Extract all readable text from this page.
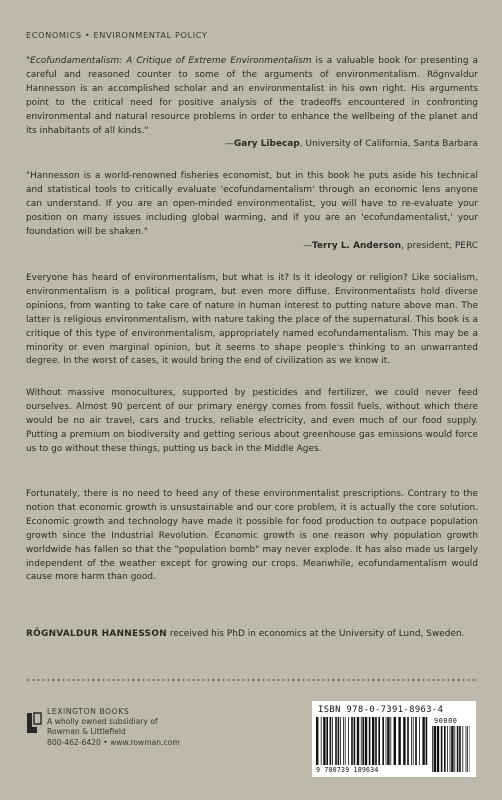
ECONOMICS • ENVIRONMENTAL POLICY
"Ecofundamentalism: A Critique of Extreme Environmentalism is a valuable book for presenting a careful and reasoned counter to some of the arguments of environmentalism. Rögnvaldur Hannesson is an accomplished scholar and an environmentalist in his own right. His arguments point to the critical need for positive analysis of the tradeoffs encountered in confronting environmental and natural resource problems in order to enhance the wellbeing of the planet and its inhabitants of all kinds."
—Gary Libecap, University of California, Santa Barbara
"Hannesson is a world-renowned fisheries economist, but in this book he puts aside his technical and statistical tools to critically evaluate 'ecofundamentalism' through an economic lens anyone can understand. If you are an open-minded environmentalist, you will have to re-evaluate your position on many issues including global warming, and if you are an 'ecofundamentalist,' your foundation will be shaken."
—Terry L. Anderson, president, PERC
Everyone has heard of environmentalism, but what is it? Is it ideology or religion? Like socialism, environmentalism is a political program, but even more diffuse. Environmentalists hold diverse opinions, from wanting to take care of nature in human interest to putting nature above man. The latter is religious environmentalism, with nature taking the place of the supernatural. This book is a critique of this type of environmentalism, appropriately named ecofundamentalism. This may be a minority or even marginal opinion, but it seems to shape people's thinking to an unwarranted degree. In the worst of cases, it would bring the end of civilization as we know it.
Without massive monocultures, supported by pesticides and fertilizer, we could never feed ourselves. Almost 90 percent of our primary energy comes from fossil fuels, without which there would be no air travel, cars and trucks, reliable electricity, and even much of our food supply. Putting a premium on biodiversity and getting serious about greenhouse gas emissions would force us to go without these things, putting us back in the Middle Ages.
Fortunately, there is no need to heed any of these environmentalist prescriptions. Contrary to the notion that economic growth is unsustainable and our core problem, it is actually the core solution. Economic growth and technology have made it possible for food production to outpace population growth since the Industrial Revolution. Economic growth is one reason why population growth worldwide has fallen so that the "population bomb" may never explode. It has also made us largely independent of the weather except for growing our crops. Meanwhile, ecofundamentalism would cause more harm than good.
RÖGNVALDUR HANNESSON received his PhD in economics at the University of Lund, Sweden.
LEXINGTON BOOKS
A wholly owned subsidiary of
Rowman & Littlefield
800-462-6420 • www.rowman.com
ISBN 978-0-7391-8963-4
9 780739 189634
90000
